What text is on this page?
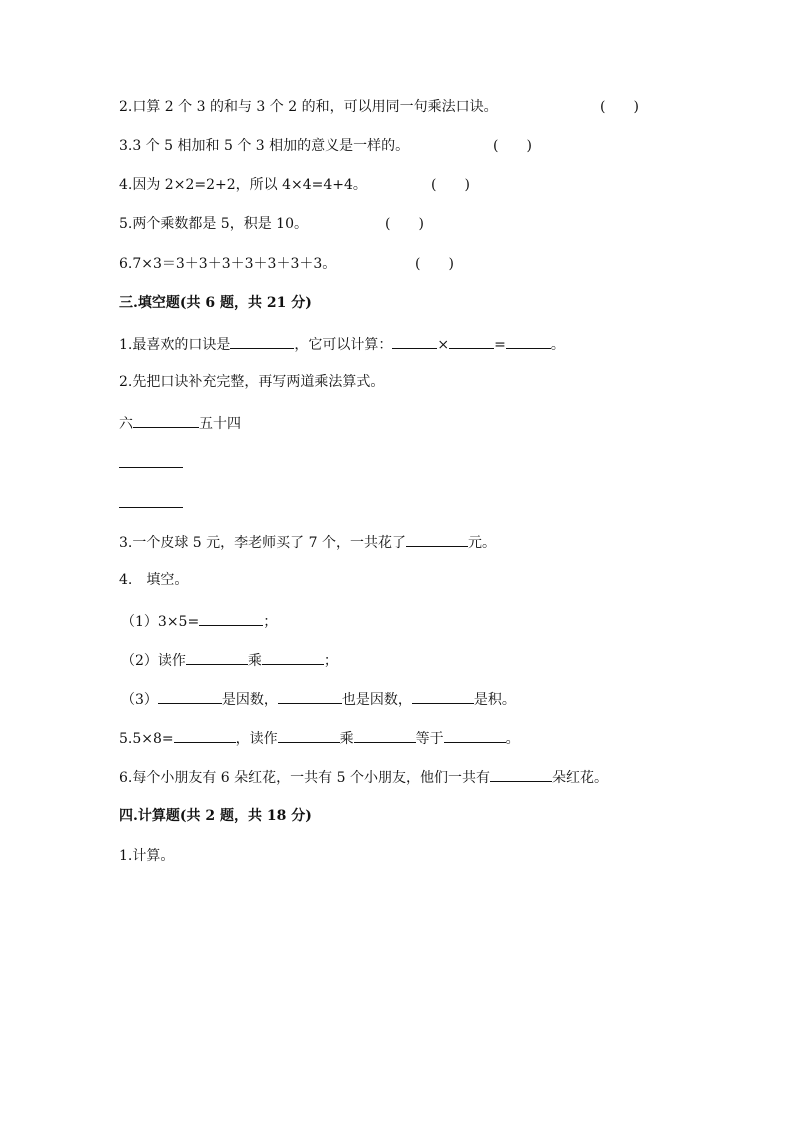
2.口算 2 个 3 的和与 3 个 2 的和，可以用同一句乘法口诀。	(　　)
3.3 个 5 相加和 5 个 3 相加的意义是一样的。	(　　)
4.因为 2×2=2+2，所以 4×4=4+4。	(　　)
5.两个乘数都是 5，积是 10。	(　　)
6.7×3＝3＋3＋3＋3＋3＋3＋3。	(　　)
三.填空题(共 6 题，共 21 分)
1.最喜欢的口诀是	，它可以计算：	×	=	。
2.先把口诀补充完整，再写两道乘法算式。
六	五十四
3.一个皮球 5 元，李老师买了 7 个，一共花了	元。
4.　填空。
（1）3×5=	；
（2）读作	乘	；
（3）	是因数，	也是因数，	是积。
5.5×8=	，读作	乘	等于	。
6.每个小朋友有 6 朵红花，一共有 5 个小朋友，他们一共有	朵红花。
四.计算题(共 2 题，共 18 分)
1.计算。
